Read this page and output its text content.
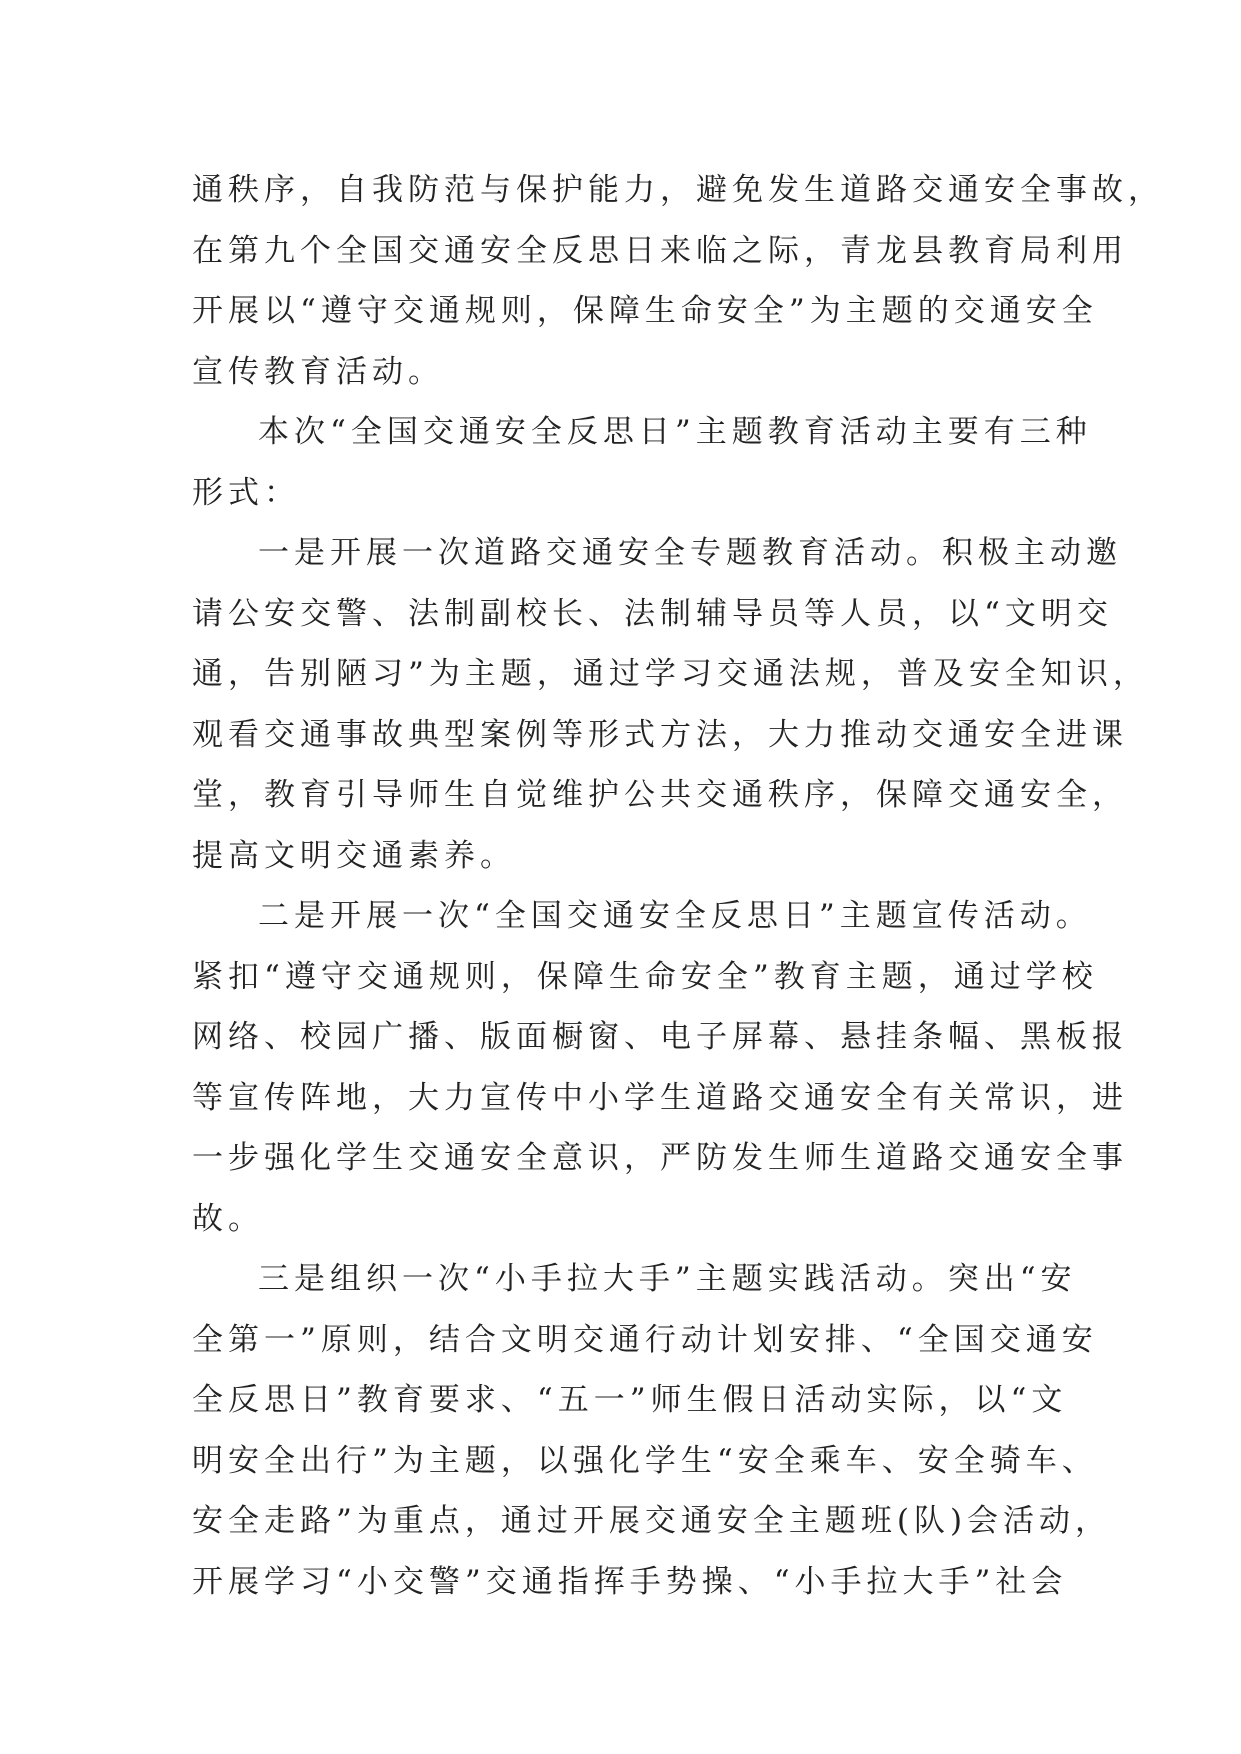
通秩序，自我防范与保护能力，避免发生道路交通安全事故，
在第九个全国交通安全反思日来临之际，青龙县教育局利用
开展以“遵守交通规则，保障生命安全”为主题的交通安全
宣传教育活动。
本次“全国交通安全反思日”主题教育活动主要有三种
形式：
一是开展一次道路交通安全专题教育活动。积极主动邀
请公安交警、法制副校长、法制辅导员等人员，以“文明交
通，告别陋习”为主题，通过学习交通法规，普及安全知识，
观看交通事故典型案例等形式方法，大力推动交通安全进课
堂，教育引导师生自觉维护公共交通秩序，保障交通安全，
提高文明交通素养。
二是开展一次“全国交通安全反思日”主题宣传活动。
紧扣“遵守交通规则，保障生命安全”教育主题，通过学校
网络、校园广播、版面橱窗、电子屏幕、悬挂条幅、黑板报
等宣传阵地，大力宣传中小学生道路交通安全有关常识，进
一步强化学生交通安全意识，严防发生师生道路交通安全事
故。
三是组织一次“小手拉大手”主题实践活动。突出“安
全第一”原则，结合文明交通行动计划安排、“全国交通安
全反思日”教育要求、“五一”师生假日活动实际，以“文
明安全出行”为主题，以强化学生“安全乘车、安全骑车、
安全走路”为重点，通过开展交通安全主题班(队)会活动，
开展学习“小交警”交通指挥手势操、“小手拉大手”社会
